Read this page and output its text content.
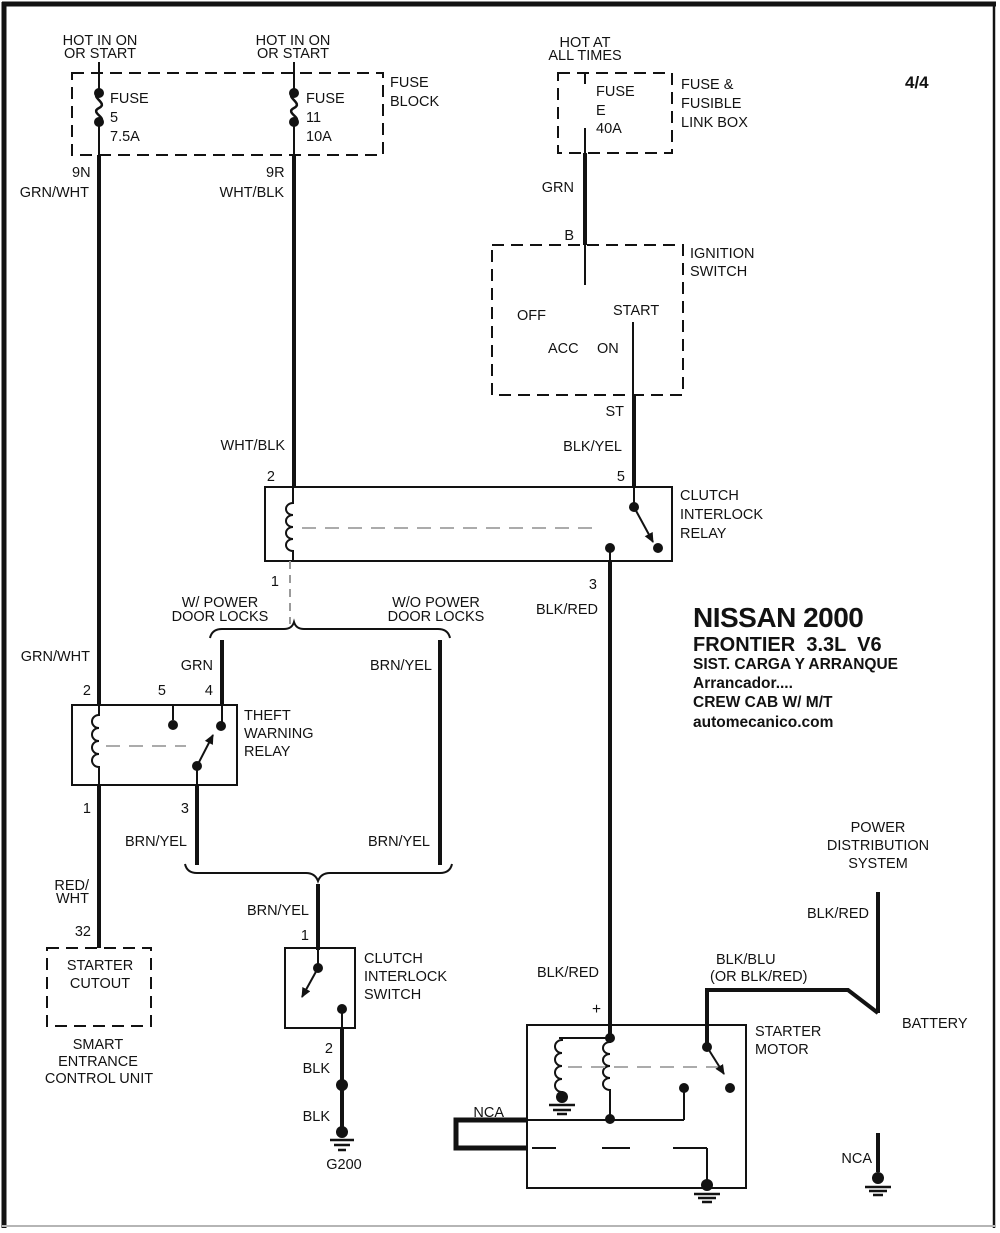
HOT IN ON
OR START
HOT IN ON
OR START
FUSE
5
7.5A
FUSE
11
10A
FUSE
BLOCK
9N	9R
GRN/WHT	WHT/BLK
HOT AT
ALL TIMES
FUSE
E
40A
FUSE &
FUSIBLE
LINK BOX
GRN
4/4
B
OFF	START
ACC ON
IGNITION
SWITCH
ST
BLK/YEL
5
WHT/BLK
2
CLUTCH
INTERLOCK
RELAY
1	3
BLK/RED
W/ POWER
DOOR LOCKS
W/O POWER
DOOR LOCKS
GRN	BRN/YEL
GRN/WHT
2	5	4
THEFT
WARNING
RELAY
1	3
BRN/YEL	BRN/YEL
RED/
WHT
BRN/YEL
1
32
STARTER
CUTOUT
SMART
ENTRANCE
CONTROL UNIT
CLUTCH
INTERLOCK
SWITCH
2
BLK
BLK
G200
BLK/RED
+
STARTER
MOTOR
NCA
BLK/BLU
(OR BLK/RED)
POWER
DISTRIBUTION
SYSTEM
BLK/RED
BATTERY
NCA
NISSAN 2000
FRONTIER  3.3L  V6
SIST. CARGA Y ARRANQUE
Arrancador....
CREW CAB W/ M/T
automecanico.com
